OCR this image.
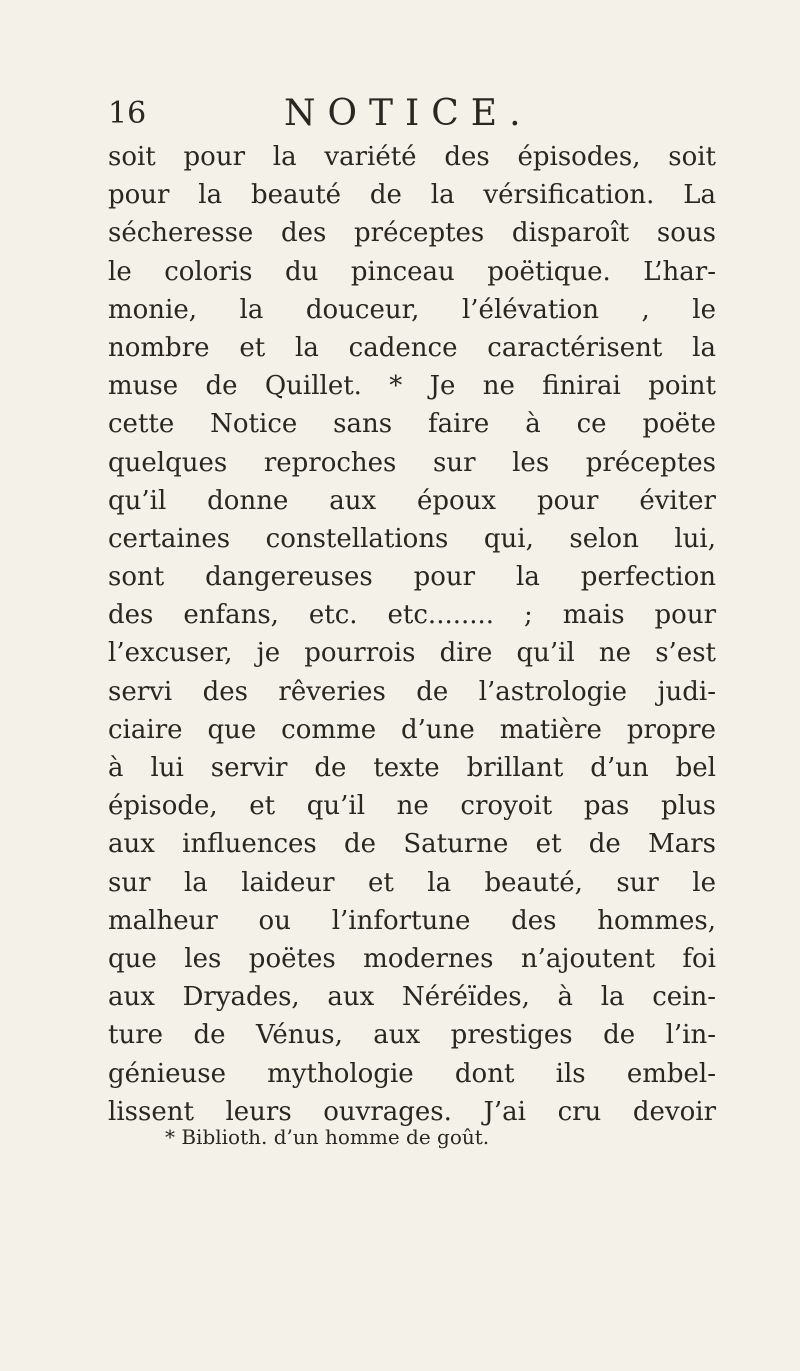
16	NOTICE.
soit pour la variété des épisodes, soit
pour la beauté de la vérsification. La
sécheresse des préceptes disparoît sous
le coloris du pinceau poëtique. L’har-
monie, la douceur, l’élévation , le
nombre et la cadence caractérisent la
muse de Quillet. * Je ne finirai point
cette Notice sans faire à ce poëte
quelques reproches sur les préceptes
qu’il donne aux époux pour éviter
certaines constellations qui, selon lui,
sont dangereuses pour la perfection
des enfans, etc. etc........ ; mais pour
l’excuser, je pourrois dire qu’il ne s’est
servi des rêveries de l’astrologie judi-
ciaire que comme d’une matière propre
à lui servir de texte brillant d’un bel
épisode, et qu’il ne croyoit pas plus
aux influences de Saturne et de Mars
sur la laideur et la beauté, sur le
malheur ou l’infortune des hommes,
que les poëtes modernes n’ajoutent foi
aux Dryades, aux Néréïdes, à la cein-
ture de Vénus, aux prestiges de l’in-
génieuse mythologie dont ils embel-
lissent leurs ouvrages. J’ai cru devoir
* Biblioth. d’un homme de goût.
